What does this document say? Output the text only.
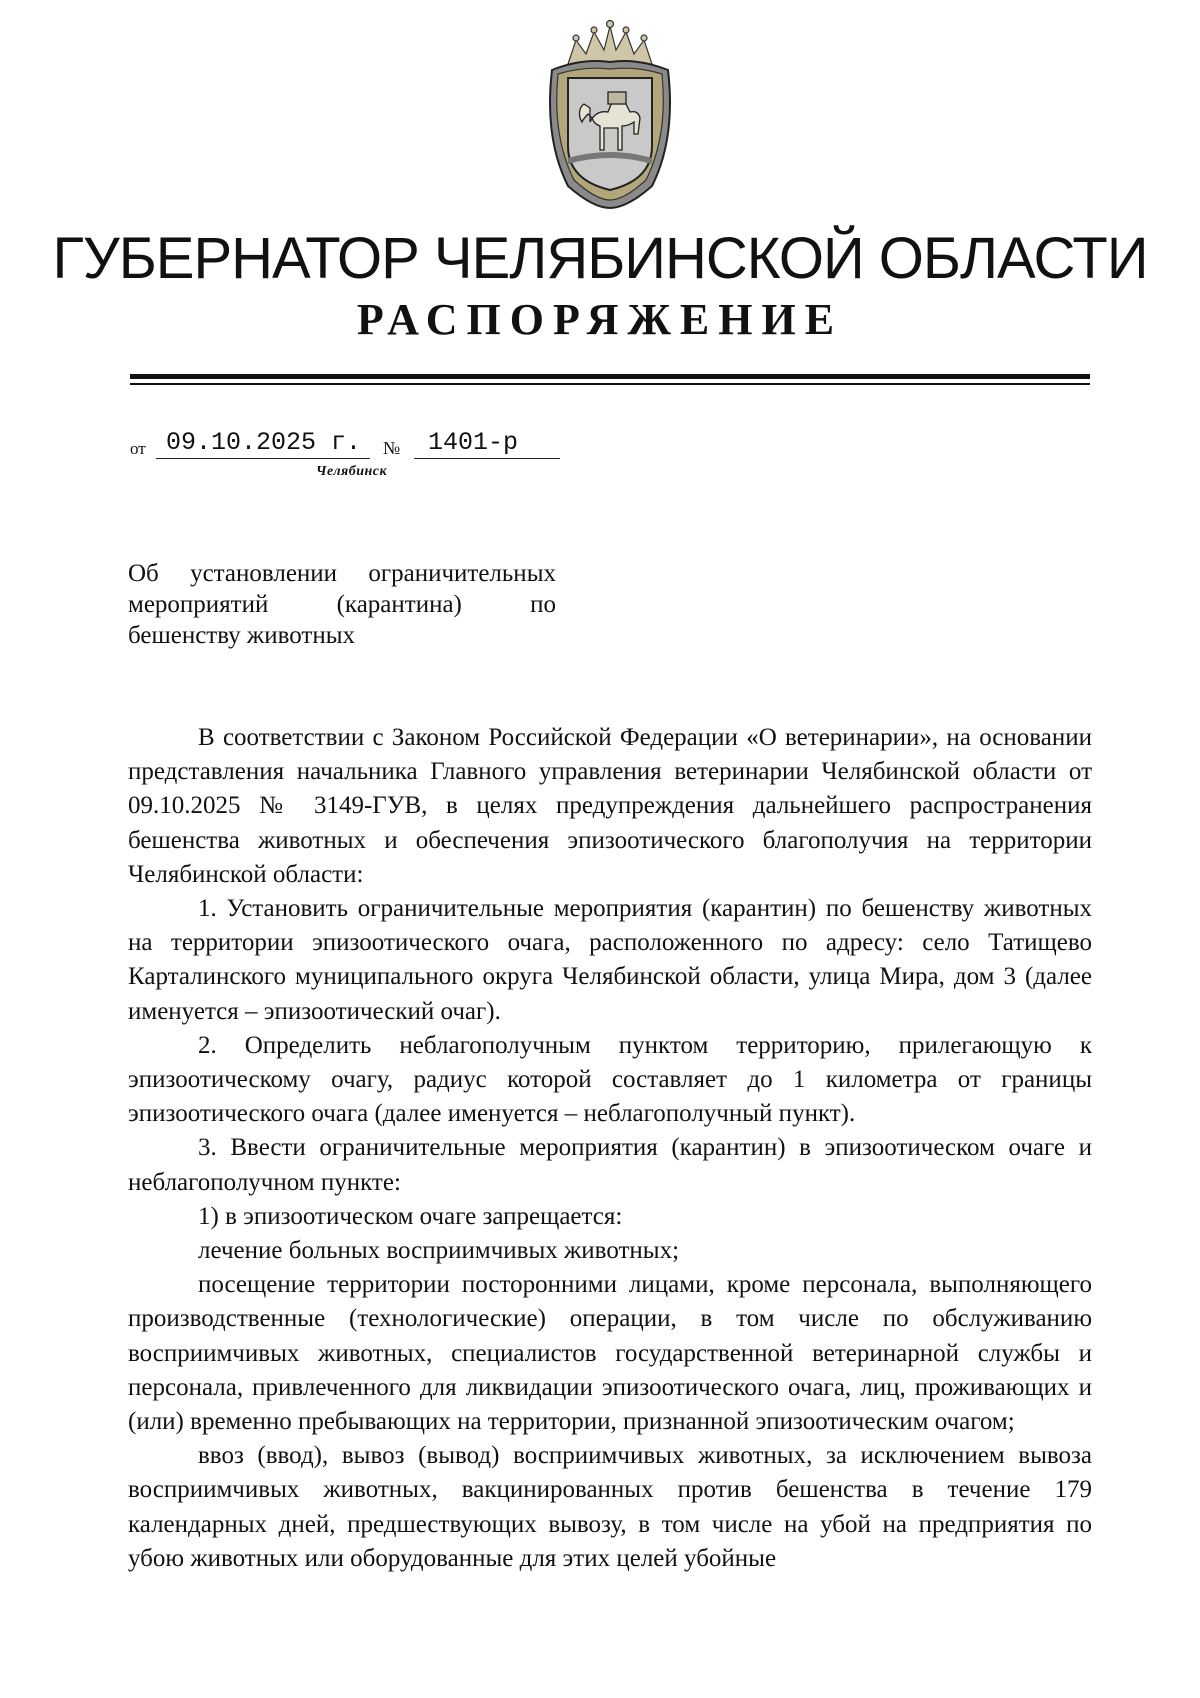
ГУБЕРНАТОР ЧЕЛЯБИНСКОЙ ОБЛАСТИ
РАСПОРЯЖЕНИЕ
от 09.10.2025 г.	№	1401-р
Челябинск
Об установлении ограничительных
мероприятий (карантина) по
бешенству животных

В соответствии с Законом Российской Федерации «О ветеринарии», на основании представления начальника Главного управления ветеринарии Челябинской области от 09.10.2025 № 3149-ГУВ, в целях предупреждения дальнейшего распространения бешенства животных и обеспечения эпизоотического благополучия на территории Челябинской области:

1. Установить ограничительные мероприятия (карантин) по бешенству животных на территории эпизоотического очага, расположенного по адресу: село Татищево Карталинского муниципального округа Челябинской области, улица Мира, дом 3 (далее именуется – эпизоотический очаг).

2. Определить неблагополучным пунктом территорию, прилегающую к эпизоотическому очагу, радиус которой составляет до 1 километра от границы эпизоотического очага (далее именуется – неблагополучный пункт).

3. Ввести ограничительные мероприятия (карантин) в эпизоотическом очаге и неблагополучном пункте:

1) в эпизоотическом очаге запрещается:

лечение больных восприимчивых животных;

посещение территории посторонними лицами, кроме персонала, выполняющего производственные (технологические) операции, в том числе по обслуживанию восприимчивых животных, специалистов государственной ветеринарной службы и персонала, привлеченного для ликвидации эпизоотического очага, лиц, проживающих и (или) временно пребывающих на территории, признанной эпизоотическим очагом;

ввоз (ввод), вывоз (вывод) восприимчивых животных, за исключением вывоза восприимчивых животных, вакцинированных против бешенства в течение 179 календарных дней, предшествующих вывозу, в том числе на убой на предприятия по убою животных или оборудованные для этих целей убойные
